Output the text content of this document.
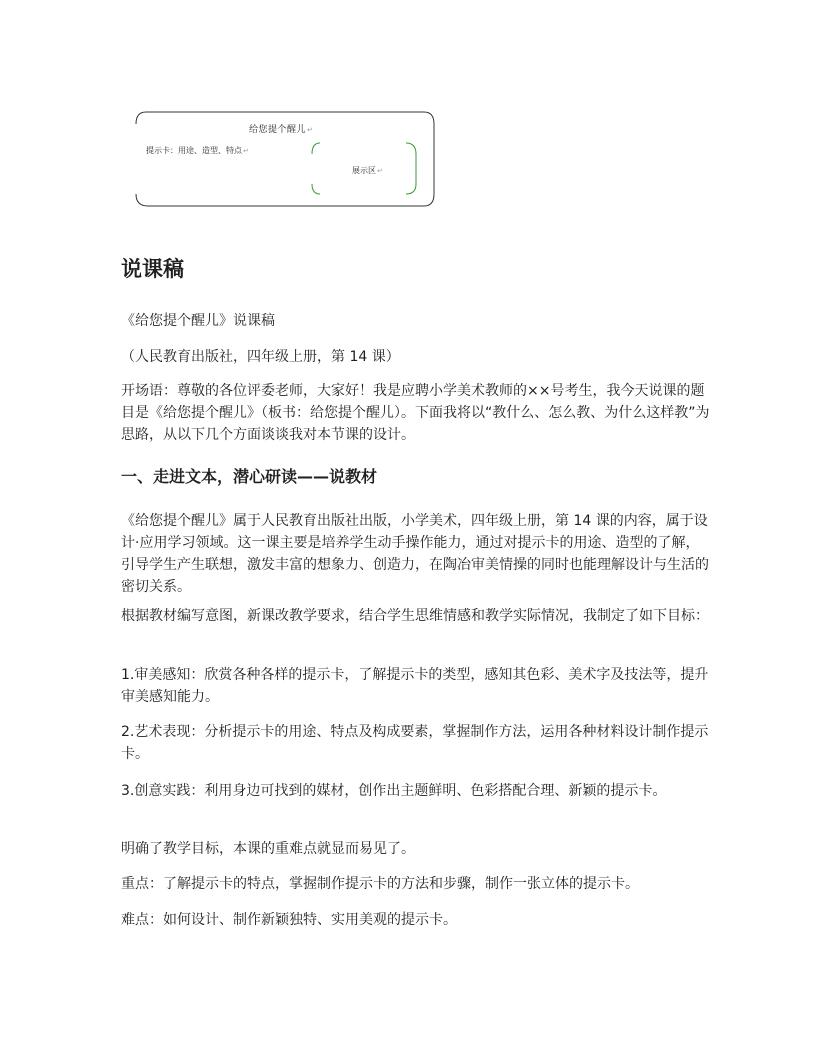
给您提个醒儿↵
提示卡：用途、造型、特点↵
展示区↵
说课稿

《给您提个醒儿》说课稿

（人民教育出版社，四年级上册，第 14 课）

开场语：尊敬的各位评委老师，大家好！我是应聘小学美术教师的××号考生，我今天说课的题目是《给您提个醒儿》（板书：给您提个醒儿）。下面我将以“教什么、怎么教、为什么这样教”为思路，从以下几个方面谈谈我对本节课的设计。

一、走进文本，潜心研读——说教材

《给您提个醒儿》属于人民教育出版社出版，小学美术，四年级上册，第 14 课的内容，属于设计·应用学习领域。这一课主要是培养学生动手操作能力，通过对提示卡的用途、造型的了解，引导学生产生联想，激发丰富的想象力、创造力，在陶冶审美情操的同时也能理解设计与生活的密切关系。

根据教材编写意图，新课改教学要求，结合学生思维情感和教学实际情况，我制定了如下目标：

1.审美感知：欣赏各种各样的提示卡，了解提示卡的类型，感知其色彩、美术字及技法等，提升审美感知能力。

2.艺术表现：分析提示卡的用途、特点及构成要素，掌握制作方法，运用各种材料设计制作提示卡。

3.创意实践：利用身边可找到的媒材，创作出主题鲜明、色彩搭配合理、新颖的提示卡。

明确了教学目标，本课的重难点就显而易见了。

重点：了解提示卡的特点，掌握制作提示卡的方法和步骤，制作一张立体的提示卡。

难点：如何设计、制作新颖独特、实用美观的提示卡。
